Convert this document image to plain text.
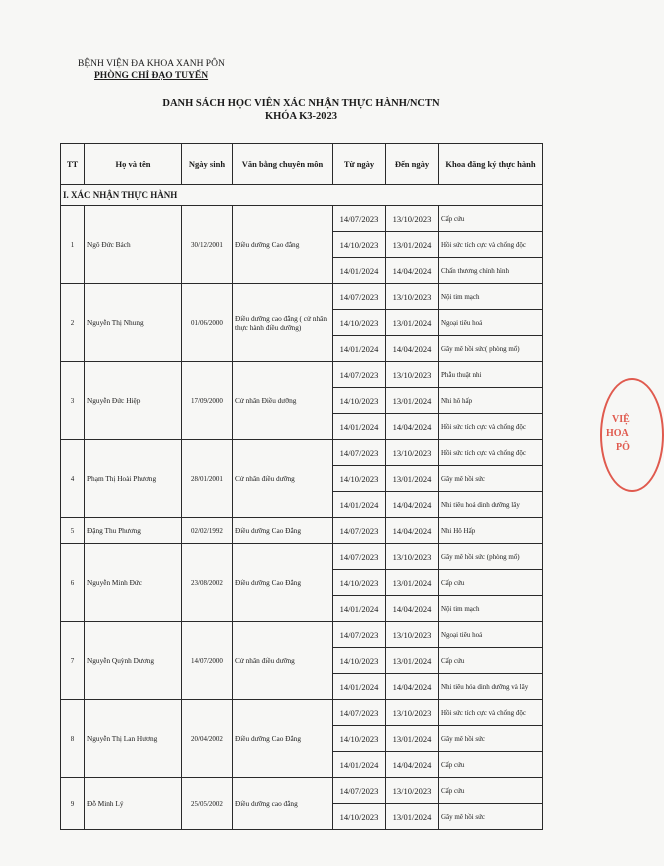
BỆNH VIỆN ĐA KHOA XANH PÔN
PHÒNG CHỈ ĐẠO TUYẾN
DANH SÁCH HỌC VIÊN XÁC NHẬN THỰC HÀNH/NCTN
KHÓA K3-2023
TT	Họ và tên	Ngày sinh	Văn bằng chuyên môn	Từ ngày	Đến ngày	Khoa đăng ký thực hành
I. XÁC NHẬN THỰC HÀNH						
1	Ngô Đức Bách	30/12/2001	Điều dưỡng Cao đẳng	14/07/2023	13/10/2023	Cấp cứu
				14/10/2023	13/01/2024	Hồi sức tích cực và chống độc
				14/01/2024	14/04/2024	Chấn thương chỉnh hình
2	Nguyễn Thị Nhung	01/06/2000	Điều dưỡng cao đẳng ( cử nhân thực hành điều dưỡng)	14/07/2023	13/10/2023	Nội tim mạch
				14/10/2023	13/01/2024	Ngoại tiêu hoá
				14/01/2024	14/04/2024	Gây mê hồi sức( phòng mổ)
3	Nguyễn Đức Hiệp	17/09/2000	Cử nhân Điều dưỡng	14/07/2023	13/10/2023	Phẫu thuật nhi
				14/10/2023	13/01/2024	Nhi hô hấp
				14/01/2024	14/04/2024	Hồi sức tích cực và chống độc
4	Phạm Thị Hoài Phương	28/01/2001	Cử nhân điều dưỡng	14/07/2023	13/10/2023	Hồi sức tích cực và chống độc
				14/10/2023	13/01/2024	Gây mê hồi sức
				14/01/2024	14/04/2024	Nhi tiêu hoá dinh dưỡng lây
5	Đặng Thu Phương	02/02/1992	Điều dưỡng Cao Đẳng	14/07/2023	14/04/2024	Nhi Hô Hấp
6	Nguyễn Minh Đức	23/08/2002	Điều dưỡng Cao Đẳng	14/07/2023	13/10/2023	Gây mê hồi sức (phòng mổ)
				14/10/2023	13/01/2024	Cấp cứu
				14/01/2024	14/04/2024	Nội tim mạch
7	Nguyễn Quỳnh Dương	14/07/2000	Cử nhân điều dưỡng	14/07/2023	13/10/2023	Ngoại tiêu hoá
				14/10/2023	13/01/2024	Cấp cứu
				14/01/2024	14/04/2024	Nhi tiêu hóa dinh dưỡng và lây
8	Nguyễn Thị Lan Hương	20/04/2002	Điều dưỡng Cao Đẳng	14/07/2023	13/10/2023	Hồi sức tích cực và chống độc
				14/10/2023	13/01/2024	Gây mê hồi sức
				14/01/2024	14/04/2024	Cấp cứu
9	Đỗ Minh Lý	25/05/2002	Điều dưỡng cao đẳng	14/07/2023	13/10/2023	Cấp cứu
				14/10/2023	13/01/2024	Gây mê hồi sức
VIỆ
HOA
PÔ
